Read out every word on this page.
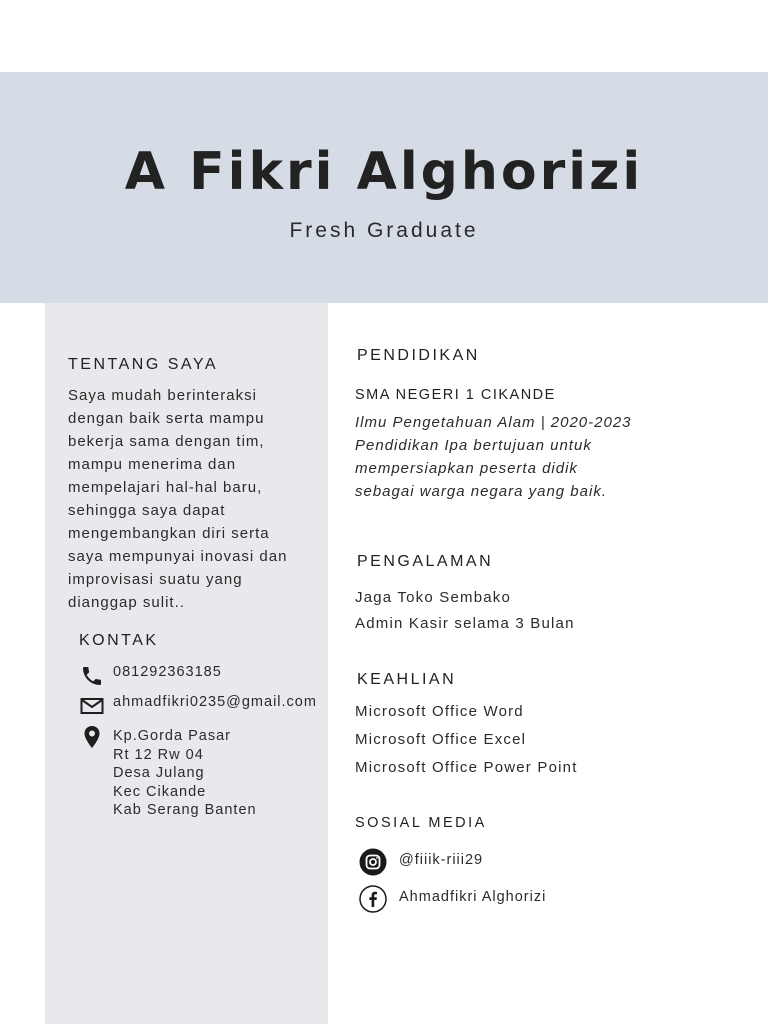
A Fikri Alghorizi
Fresh Graduate
TENTANG SAYA
Saya mudah berinteraksi
dengan baik serta mampu
bekerja sama dengan tim,
mampu menerima dan
mempelajari hal-hal baru,
sehingga saya dapat
mengembangkan diri serta
saya mempunyai inovasi dan
improvisasi suatu yang
dianggap sulit..
KONTAK
081292363185
ahmadfikri0235@gmail.com
Kp.Gorda Pasar
Rt 12 Rw 04
Desa Julang
Kec Cikande
Kab Serang Banten
PENDIDIKAN
SMA NEGERI 1 CIKANDE
Ilmu Pengetahuan Alam | 2020-2023
Pendidikan Ipa bertujuan untuk
mempersiapkan peserta didik
sebagai warga negara yang baik.
PENGALAMAN
Jaga Toko Sembako
Admin Kasir selama 3 Bulan
KEAHLIAN
Microsoft Office Word
Microsoft Office Excel
Microsoft Office Power Point
SOSIAL MEDIA
@fiiik-riii29
Ahmadfikri Alghorizi
